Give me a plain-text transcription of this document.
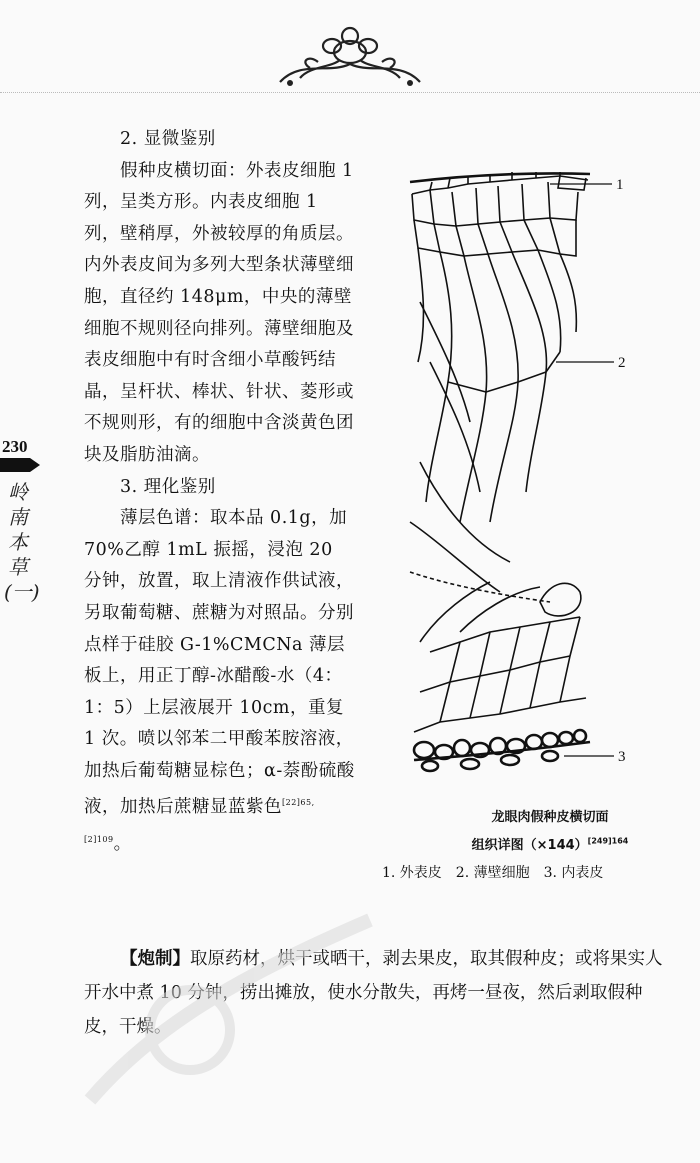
230
岭南本草(一)

2. 显微鉴别

假种皮横切面：外表皮细胞 1 列，呈类方形。内表皮细胞 1 列，壁稍厚，外被较厚的角质层。内外表皮间为多列大型条状薄壁细胞，直径约 148μm，中央的薄壁细胞不规则径向排列。薄壁细胞及表皮细胞中有时含细小草酸钙结晶，呈杆状、棒状、针状、菱形或不规则形，有的细胞中含淡黄色团块及脂肪油滴。

3. 理化鉴别

薄层色谱：取本品 0.1g，加 70%乙醇 1mL 振摇，浸泡 20 分钟，放置，取上清液作供试液，另取葡萄糖、蔗糖为对照品。分别点样于硅胶 G-1%CMCNa 薄层板上，用正丁醇-冰醋酸-水（4：1：5）上层液展开 10cm，重复 1 次。喷以邻苯二甲酸苯胺溶液，加热后葡萄糖显棕色；α-萘酚硫酸液，加热后蔗糖显蓝紫色$^{[22]65,[2]109}$。

1
2
3
龙眼肉假种皮横切面
组织详图$(\times 144)^{[249]164}$
1. 外表皮　2. 薄壁细胞　3. 内表皮

【炮制】取原药材，烘干或晒干，剥去果皮，取其假种皮；或将果实人开水中煮 10 分钟，捞出摊放，使水分散失，再烤一昼夜，然后剥取假种皮，干燥。
